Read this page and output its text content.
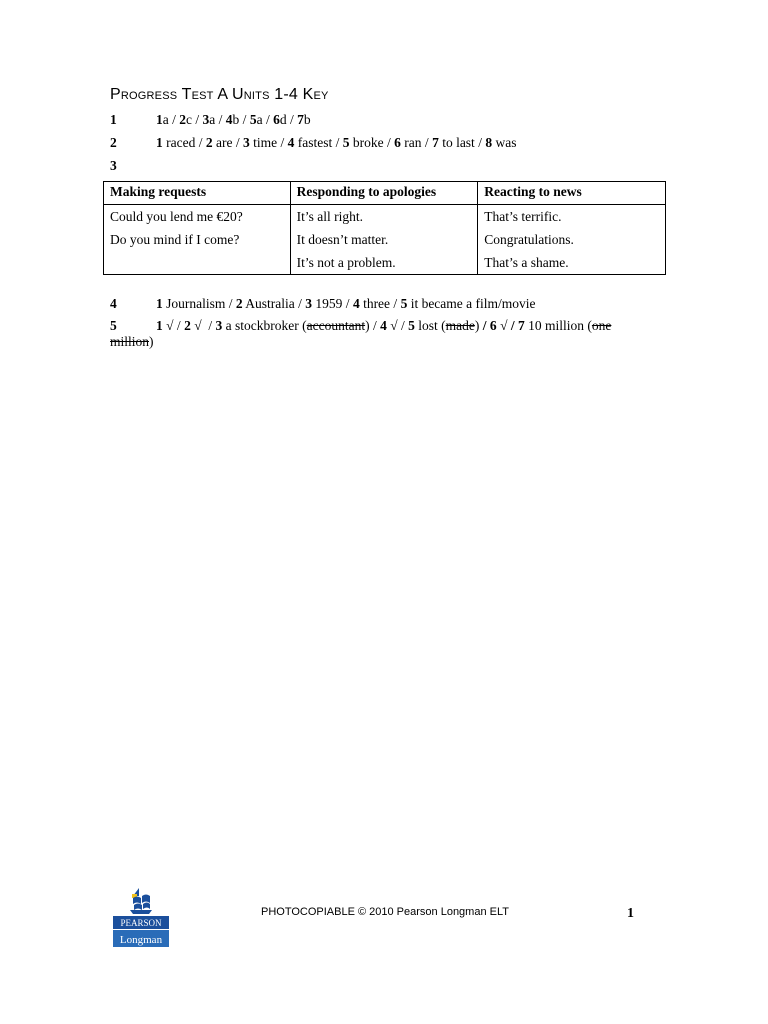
Progress Test A Units 1-4 Key
1	1a / 2c / 3a / 4b / 5a / 6d / 7b
2	1 raced / 2 are / 3 time / 4 fastest / 5 broke / 6 ran / 7 to last / 8 was
3
Making requests	Responding to apologies	Reacting to news
Could you lend me €20?	It’s all right.	That’s terrific.
Do you mind if I come?	It doesn’t matter.	Congratulations.
	It’s not a problem.	That’s a shame.
4	1 Journalism / 2 Australia / 3 1959 / 4 three / 5 it became a film/movie
5	1 √ / 2 √  / 3 a stockbroker (accountant) / 4 √ / 5 lost (made) / 6 √ / 7 10 million (one million)
PEARSON
Longman
PHOTOCOPIABLE © 2010 Pearson Longman ELT	1
